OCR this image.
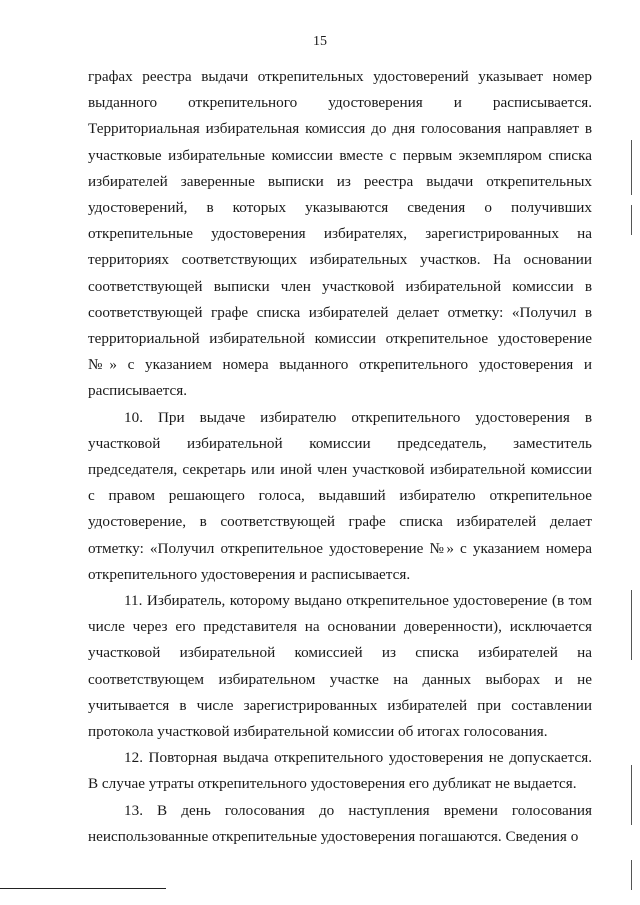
15

графах реестра выдачи открепительных удостоверений указывает номер выданного открепительного удостоверения и расписывается. Территориальная избирательная комиссия до дня голосования направляет в участковые избирательные комиссии вместе с первым экземпляром списка избирателей заверенные выписки из реестра выдачи открепительных удостоверений, в которых указываются сведения о получивших открепительные удостоверения избирателях, зарегистрированных на территориях соответствующих избирательных участков. На основании соответствующей выписки член участковой избирательной комиссии в соответствующей графе списка избирателей делает отметку: «Получил в территориальной избирательной комиссии открепительное удостоверение №» с указанием номера выданного открепительного удостоверения и расписывается.

10. При выдаче избирателю открепительного удостоверения в участковой избирательной комиссии председатель, заместитель председателя, секретарь или иной член участковой избирательной комиссии с правом решающего голоса, выдавший избирателю открепительное удостоверение, в соответствующей графе списка избирателей делает отметку: «Получил открепительное удостоверение №» с указанием номера открепительного удостоверения и расписывается.

11. Избиратель, которому выдано открепительное удостоверение (в том числе через его представителя на основании доверенности), исключается участковой избирательной комиссией из списка избирателей на соответствующем избирательном участке на данных выборах и не учитывается в числе зарегистрированных избирателей при составлении протокола участковой избирательной комиссии об итогах голосования.

12. Повторная выдача открепительного удостоверения не допускается. В случае утраты открепительного удостоверения его дубликат не выдается.

13. В день голосования до наступления времени голосования неиспользованные открепительные удостоверения погашаются. Сведения о
